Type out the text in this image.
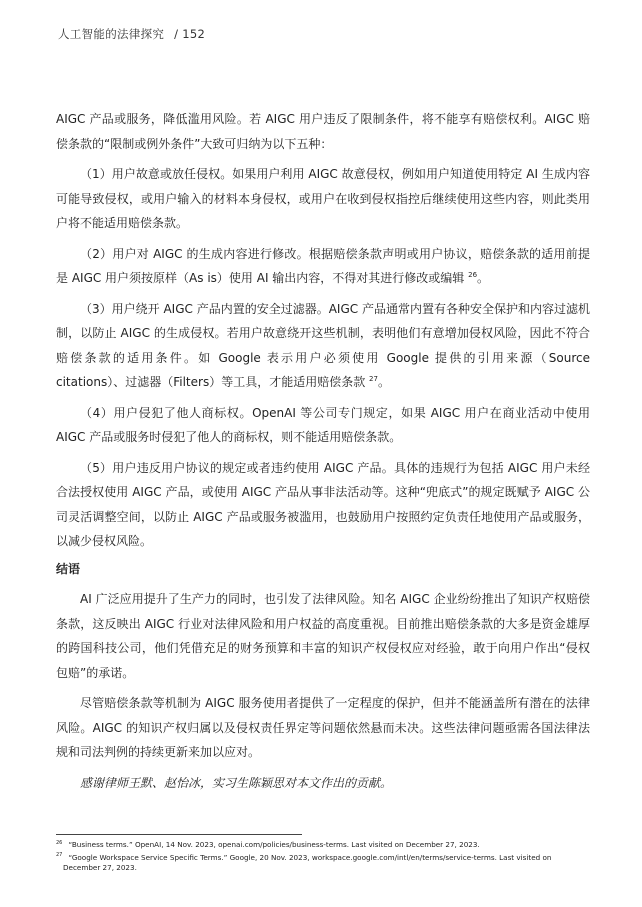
人工智能的法律探究 / 152

AIGC 产品或服务，降低滥用风险。若 AIGC 用户违反了限制条件，将不能享有赔偿权利。AIGC 赔偿条款的“限制或例外条件”大致可归纳为以下五种：

（1）用户故意或放任侵权。如果用户利用 AIGC 故意侵权，例如用户知道使用特定 AI 生成内容可能导致侵权，或用户输入的材料本身侵权，或用户在收到侵权指控后继续使用这些内容，则此类用户将不能适用赔偿条款。

（2）用户对 AIGC 的生成内容进行修改。根据赔偿条款声明或用户协议，赔偿条款的适用前提是 AIGC 用户须按原样（As is）使用 AI 输出内容，不得对其进行修改或编辑 $^{26}$。

（3）用户绕开 AIGC 产品内置的安全过滤器。AIGC 产品通常内置有各种安全保护和内容过滤机制，以防止 AIGC 的生成侵权。若用户故意绕开这些机制，表明他们有意增加侵权风险，因此不符合赔偿条款的适用条件。如 Google 表示用户必须使用 Google 提供的引用来源（Source citations）、过滤器（Filters）等工具，才能适用赔偿条款 $^{27}$。

（4）用户侵犯了他人商标权。OpenAI 等公司专门规定，如果 AIGC 用户在商业活动中使用 AIGC 产品或服务时侵犯了他人的商标权，则不能适用赔偿条款。

（5）用户违反用户协议的规定或者违约使用 AIGC 产品。具体的违规行为包括 AIGC 用户未经合法授权使用 AIGC 产品，或使用 AIGC 产品从事非法活动等。这种“兜底式”的规定既赋予 AIGC 公司灵活调整空间，以防止 AIGC 产品或服务被滥用，也鼓励用户按照约定负责任地使用产品或服务，以减少侵权风险。

结语

AI 广泛应用提升了生产力的同时，也引发了法律风险。知名 AIGC 企业纷纷推出了知识产权赔偿条款，这反映出 AIGC 行业对法律风险和用户权益的高度重视。目前推出赔偿条款的大多是资金雄厚的跨国科技公司，他们凭借充足的财务预算和丰富的知识产权侵权应对经验，敢于向用户作出“侵权包赔”的承诺。

尽管赔偿条款等机制为 AIGC 服务使用者提供了一定程度的保护，但并不能涵盖所有潜在的法律风险。AIGC 的知识产权归属以及侵权责任界定等问题依然悬而未决。这些法律问题亟需各国法律法规和司法判例的持续更新来加以应对。

感谢律师王默、赵怡冰，实习生陈颖思对本文作出的贡献。

$^{26}$ “Business terms.” OpenAI, 14 Nov. 2023, openai.com/policies/business-terms. Last visited on December 27, 2023.

$^{27}$ “Google Workspace Service Specific Terms.” Google, 20 Nov. 2023, workspace.google.com/intl/en/terms/service-terms. Last visited on December 27, 2023.
